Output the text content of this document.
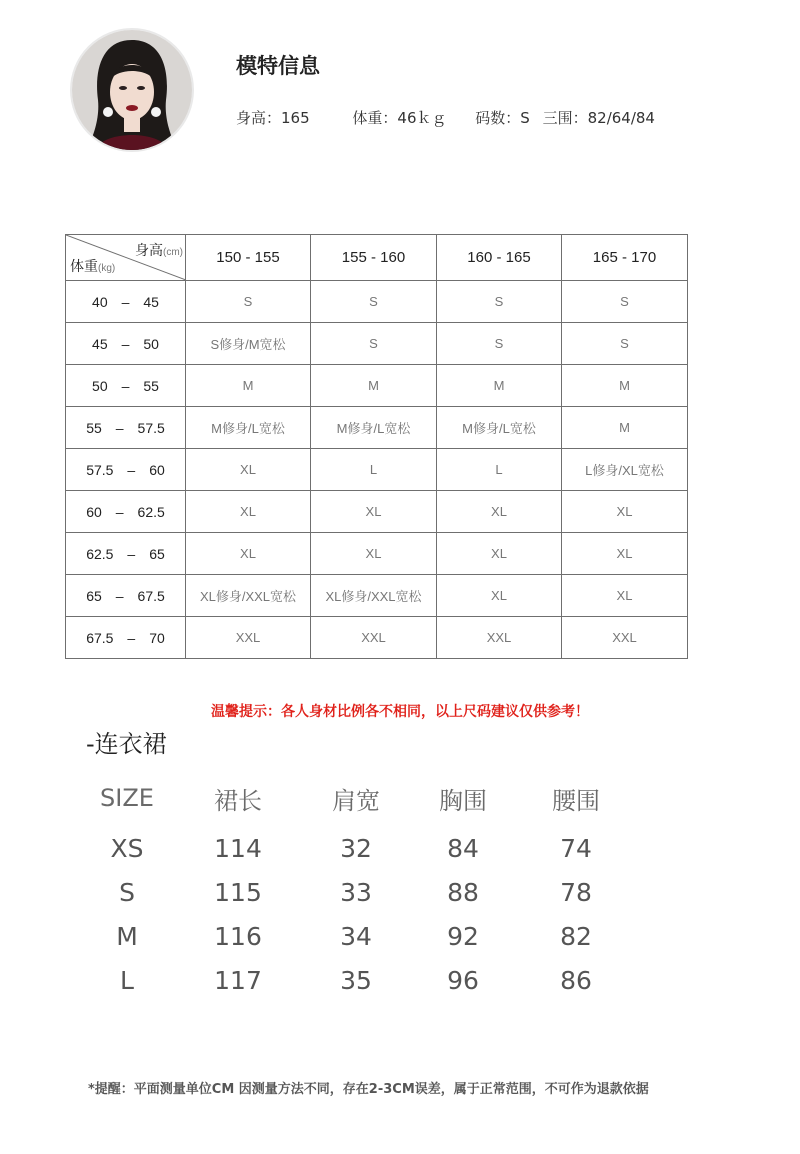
模特信息
身高：165	体重：46ｋｇ 码数：S 三围：82/64/84
身高(cm)
体重(kg)	150 - 155	155 - 160	160 - 165	165 - 170
40　–　45	S	S	S	S
45　–　50	S修身/M宽松	S	S	S
50　–　55	M	M	M	M
55　–　57.5	M修身/L宽松	M修身/L宽松	M修身/L宽松	M
57.5　–　60	XL	L	L	L修身/XL宽松
60　–　62.5	XL	XL	XL	XL
62.5　–　65	XL	XL	XL	XL
65　–　67.5	XL修身/XXL宽松	XL修身/XXL宽松	XL	XL
67.5　–　70	XXL	XXL	XXL	XXL
温馨提示：各人身材比例各不相同，以上尺码建议仅供参考！
-连衣裙
SIZE	裙长	肩宽	胸围	腰围
XS	114	32	84	74
S	115	33	88	78
M	116	34	92	82
L	117	35	96	86
*提醒：平面测量单位CM 因测量方法不同，存在2-3CM误差，属于正常范围，不可作为退款依据
